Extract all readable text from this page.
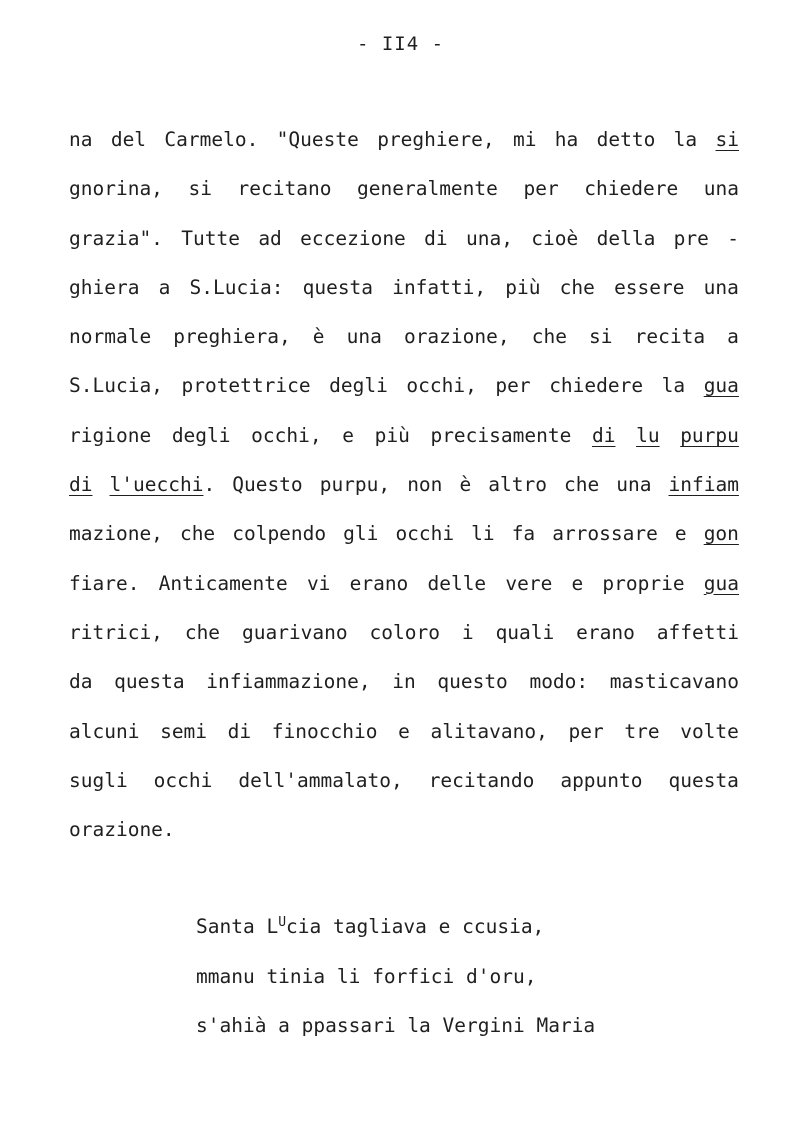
- II4 -
na del Carmelo. "Queste preghiere, mi ha detto la si
gnorina, si recitano generalmente per chiedere una
grazia". Tutte ad eccezione di una, cioè della pre -
ghiera a S.Lucia: questa infatti, più che essere una
normale preghiera, è una orazione, che si recita a
S.Lucia, protettrice degli occhi, per chiedere la gua
rigione degli occhi, e più precisamente di lu purpu
di l'uecchi. Questo purpu, non è altro che una infiam
mazione, che colpendo gli occhi li fa arrossare e gon
fiare. Anticamente vi erano delle vere e proprie gua
ritrici, che guarivano coloro i quali erano affetti
da questa infiammazione, in questo modo: masticavano
alcuni semi di finocchio e alitavano, per tre volte
sugli occhi dell'ammalato, recitando appunto questa
orazione.

Santa $L^Ucia$ tagliava e ccusia,
mmanu tinia li forfici d'oru,
s'ahià a ppassari la Vergini Maria
